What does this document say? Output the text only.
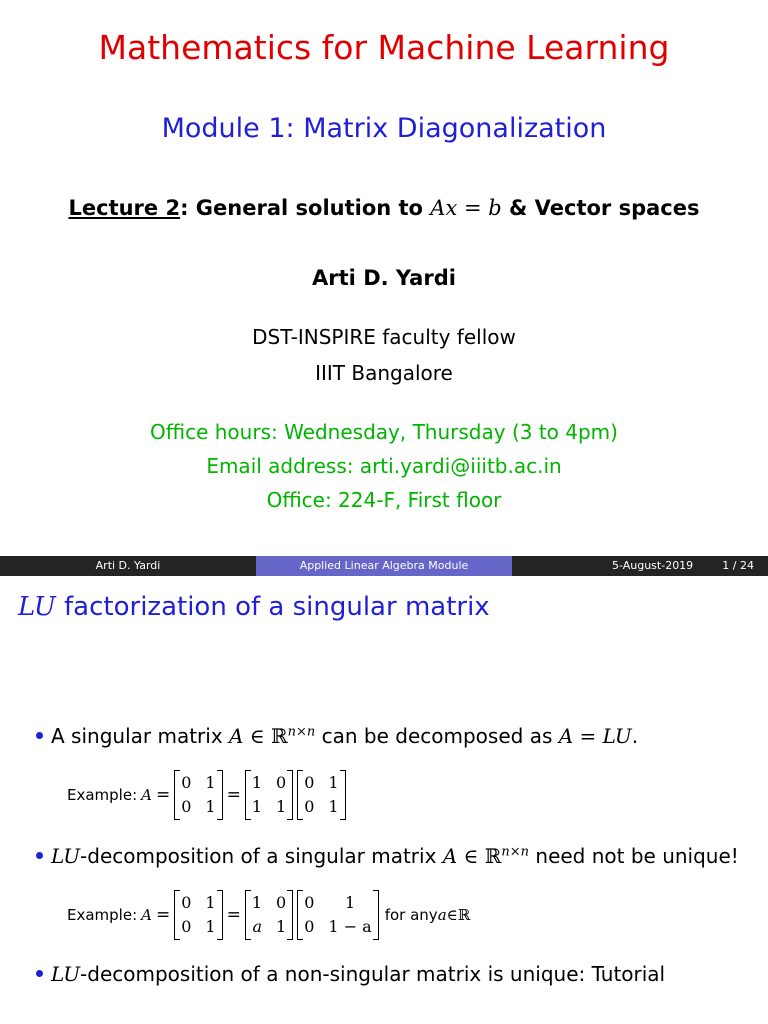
Mathematics for Machine Learning
Module 1: Matrix Diagonalization
Lecture 2: General solution to Ax = b & Vector spaces
Arti D. Yardi
DST-INSPIRE faculty fellow
IIIT Bangalore
Office hours: Wednesday, Thursday (3 to 4pm)
Email address: arti.yardi@iiitb.ac.in
Office: 224-F, First floor
Arti D. Yardi	Applied Linear Algebra Module	5-August-2019	1 / 24
LU factorization of a singular matrix
A singular matrix A ∈ ℝ$^{n\times n}$ can be decomposed as A = LU.
Example: A =
0 1
0 1
=
1 0
1 1
0 1
0 1
LU-decomposition of a singular matrix A ∈ ℝ$^{n\times n}$ need not be unique!
Example: A =
0 1
0 1
=
1 0
a 1
0	1
0 1 − a
for any a ∈ ℝ
LU-decomposition of a non-singular matrix is unique: Tutorial
